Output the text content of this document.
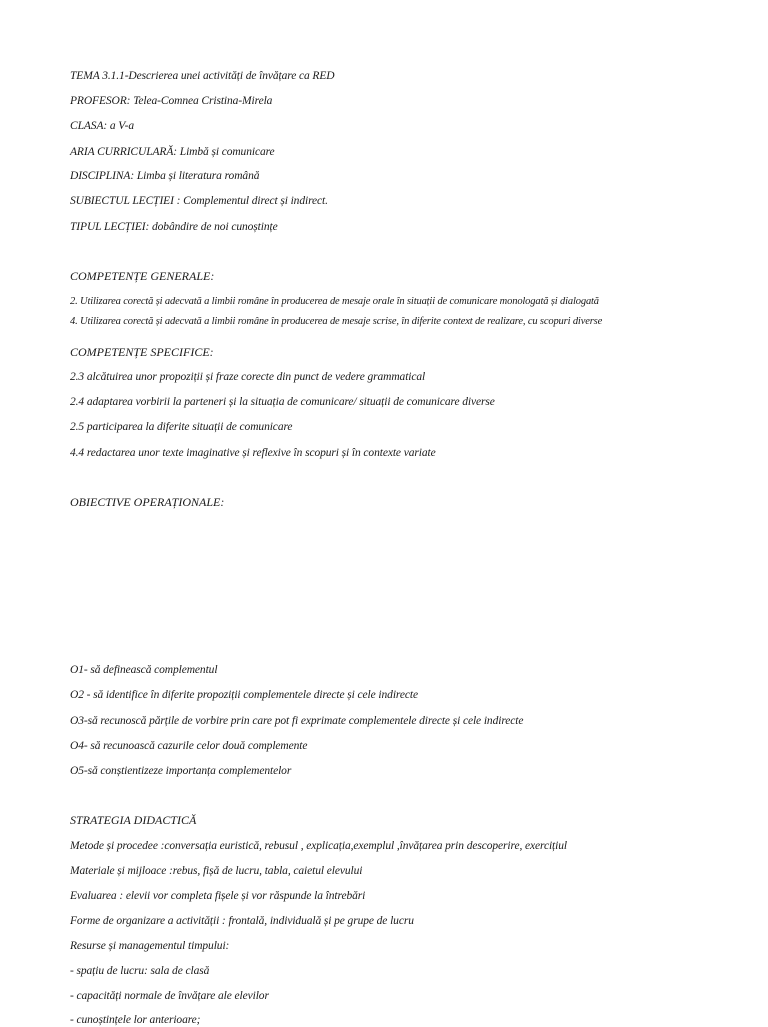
TEMA 3.1.1-Descrierea unei activități de învățare ca RED
PROFESOR: Telea-Comnea Cristina-Mirela
CLASA: a V-a
ARIA CURRICULARĂ: Limbă și comunicare
DISCIPLINA: Limba și literatura română
SUBIECTUL LECȚIEI : Complementul direct și indirect.
TIPUL LECȚIEI: dobândire de noi cunoștințe
COMPETENȚE GENERALE:
2. Utilizarea corectă și adecvată a limbii române în producerea de mesaje orale în situații de comunicare monologată și dialogată
4. Utilizarea corectă și adecvată a limbii române în producerea de mesaje scrise, în diferite context de realizare, cu scopuri diverse
COMPETENȚE SPECIFICE:
2.3 alcătuirea unor propoziții și fraze corecte din punct de vedere grammatical
2.4 adaptarea vorbirii la parteneri și la situația de comunicare/ situații de comunicare diverse
2.5 participarea la diferite situații de comunicare
4.4 redactarea unor texte imaginative și reflexive în scopuri și în contexte variate
OBIECTIVE OPERAȚIONALE:
O1- să definească complementul
O2 - să identifice în diferite propoziții complementele directe și cele indirecte
O3-să recunoscă părțile de vorbire prin care pot fi exprimate complementele directe și cele indirecte
O4- să recunoască cazurile celor două complemente
O5-să conștientizeze importanța complementelor
STRATEGIA DIDACTICĂ
Metode și procedee :conversația euristică, rebusul , explicația,exemplul ,învățarea prin descoperire, exercițiul
Materiale și mijloace :rebus, fișă de lucru, tabla, caietul elevului
Evaluarea : elevii vor completa fișele și vor răspunde la întrebări
Forme de organizare a activității : frontală, individuală și pe grupe de lucru
Resurse și managementul timpului:
- spațiu de lucru: sala de clasă
- capacități normale de învățare ale elevilor
- cunoștințele lor anterioare;
